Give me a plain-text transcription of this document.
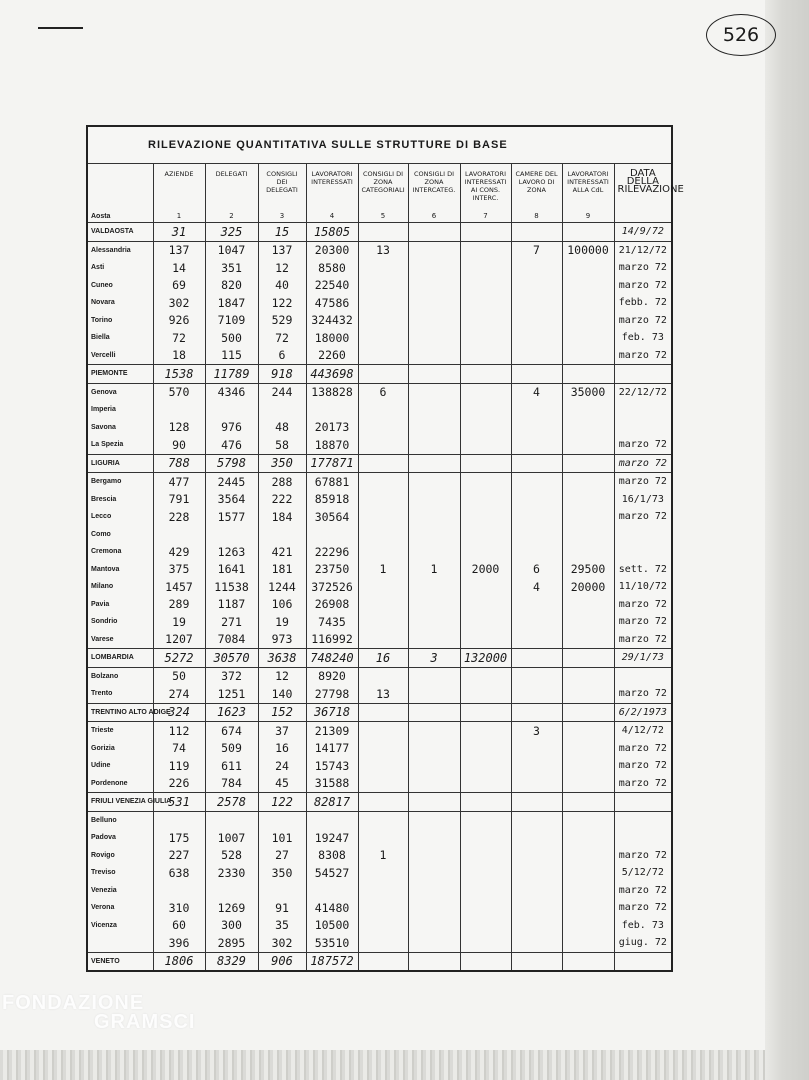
526
RILEVAZIONE QUANTITATIVA SULLE STRUTTURE DI BASE										
	AZIENDE	DELEGATI	CONSIGLI DEI DELEGATI	LAVORATORI INTERESSATI	CONSIGLI DI ZONA CATEGORIALI	CONSIGLI DI ZONA INTERCATEG.	LAVORATORI INTERESSATI AI CONS. INTERC.	CAMERE DEL LAVORO DI ZONA	LAVORATORI INTERESSATI ALLA CdL	DATA DELLA RILEVAZIONE
Aosta	1	2	3	4	5	6	7	8	9	
VALDAOSTA	31	325	15	15805						14/9/72
Alessandria	137	1047	137	20300	13			7	100000	21/12/72
Asti	14	351	12	8580						marzo 72
Cuneo	69	820	40	22540						marzo 72
Novara	302	1847	122	47586						febb. 72
Torino	926	7109	529	324432						marzo 72
Biella	72	500	72	18000						feb. 73
Vercelli	18	115	6	2260						marzo 72
PIEMONTE	1538	11789	918	443698						
Genova	570	4346	244	138828	6			4	35000	22/12/72
Imperia										
Savona	128	976	48	20173						
La Spezia	90	476	58	18870						marzo 72
LIGURIA	788	5798	350	177871						marzo 72
Bergamo	477	2445	288	67881						marzo 72
Brescia	791	3564	222	85918						16/1/73
Lecco	228	1577	184	30564						marzo 72
Como										
Cremona	429	1263	421	22296						
Mantova	375	1641	181	23750	1	1	2000	6	29500	sett. 72
Milano	1457	11538	1244	372526				4	20000	11/10/72
Pavia	289	1187	106	26908						marzo 72
Sondrio	19	271	19	7435						marzo 72
Varese	1207	7084	973	116992						marzo 72
LOMBARDIA	5272	30570	3638	748240	16	3	132000			29/1/73
Bolzano	50	372	12	8920						
Trento	274	1251	140	27798	13					marzo 72
TRENTINO ALTO ADIGE	324	1623	152	36718						6/2/1973
Trieste	112	674	37	21309				3		4/12/72
Gorizia	74	509	16	14177						marzo 72
Udine	119	611	24	15743						marzo 72
Pordenone	226	784	45	31588						marzo 72
FRIULI VENEZIA GIULIA	531	2578	122	82817						
Belluno										
Padova	175	1007	101	19247						
Rovigo	227	528	27	8308	1					marzo 72
Treviso	638	2330	350	54527						5/12/72
Venezia										marzo 72
Verona	310	1269	91	41480						marzo 72
Vicenza	60	300	35	10500						feb. 73
	396	2895	302	53510						giug. 72
VENETO	1806	8329	906	187572						
FONDAZIONE
GRAMSCI
